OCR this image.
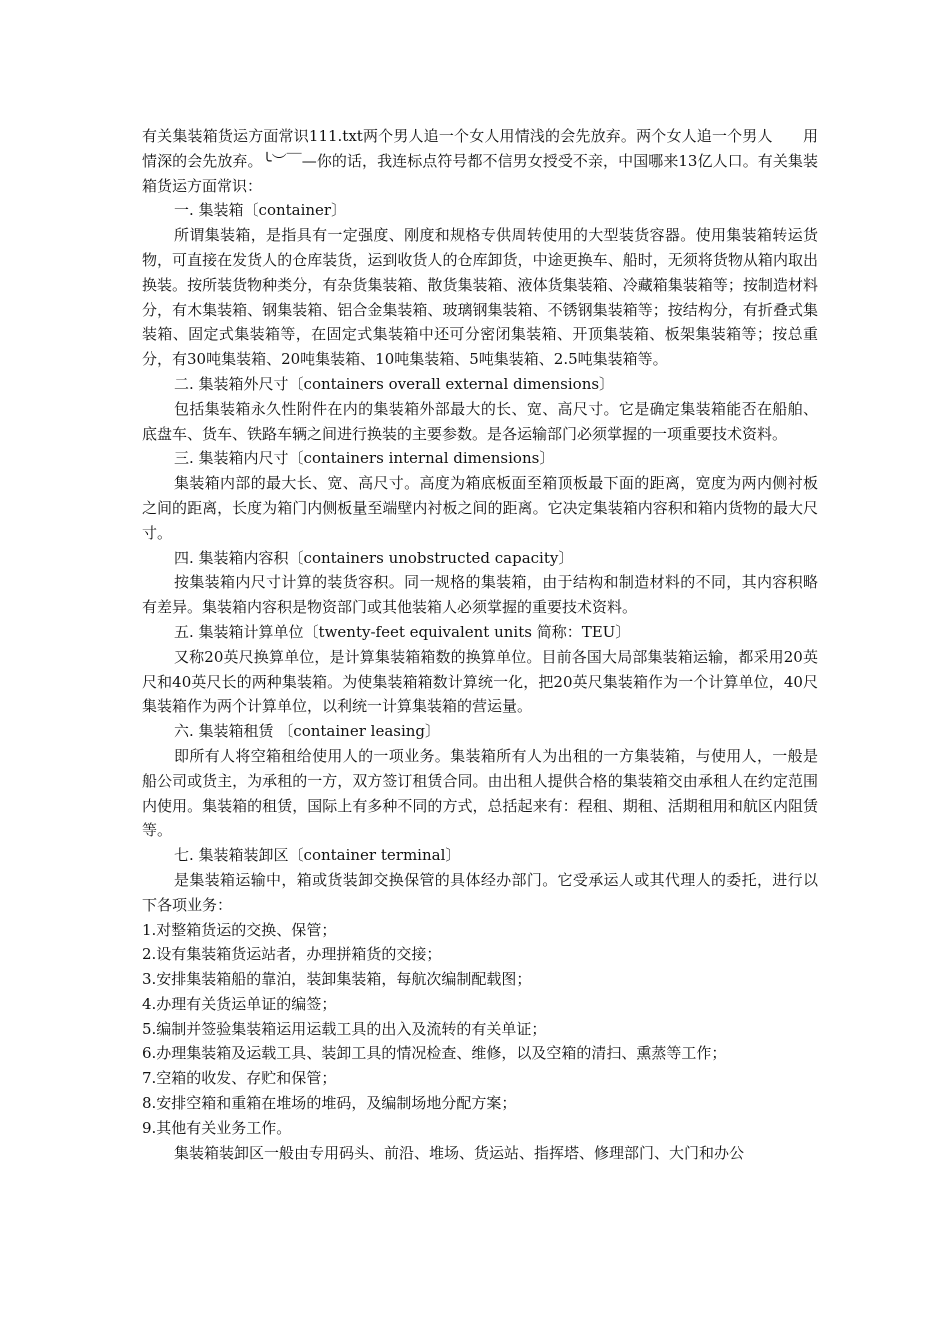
有关集装箱货运方面常识111.txt两个男人追一个女人用情浅的会先放弃。两个女人追一个男人　　用情深的会先放弃。╰︶￣—你的话，我连标点符号都不信男女授受不亲，中国哪来13亿人口。有关集装箱货运方面常识：

一. 集装箱〔container〕

所谓集装箱，是指具有一定强度、刚度和规格专供周转使用的大型装货容器。使用集装箱转运货物，可直接在发货人的仓库装货，运到收货人的仓库卸货，中途更换车、船时，无须将货物从箱内取出换装。按所装货物种类分，有杂货集装箱、散货集装箱、液体货集装箱、冷藏箱集装箱等；按制造材料分，有木集装箱、钢集装箱、铝合金集装箱、玻璃钢集装箱、不锈钢集装箱等；按结构分，有折叠式集装箱、固定式集装箱等，在固定式集装箱中还可分密闭集装箱、开顶集装箱、板架集装箱等；按总重分，有30吨集装箱、20吨集装箱、10吨集装箱、5吨集装箱、2.5吨集装箱等。

二. 集装箱外尺寸〔containers overall external dimensions〕

包括集装箱永久性附件在内的集装箱外部最大的长、宽、高尺寸。它是确定集装箱能否在船舶、底盘车、货车、铁路车辆之间进行换装的主要参数。是各运输部门必须掌握的一项重要技术资料。

三. 集装箱内尺寸〔containers internal dimensions〕

集装箱内部的最大长、宽、高尺寸。高度为箱底板面至箱顶板最下面的距离，宽度为两内侧衬板之间的距离，长度为箱门内侧板量至端壁内衬板之间的距离。它决定集装箱内容积和箱内货物的最大尺寸。

四. 集装箱内容积〔containers unobstructed capacity〕

按集装箱内尺寸计算的装货容积。同一规格的集装箱，由于结构和制造材料的不同，其内容积略有差异。集装箱内容积是物资部门或其他装箱人必须掌握的重要技术资料。

五. 集装箱计算单位〔twenty-feet equivalent units 简称：TEU〕

又称20英尺换算单位，是计算集装箱箱数的换算单位。目前各国大局部集装箱运输，都采用20英尺和40英尺长的两种集装箱。为使集装箱箱数计算统一化，把20英尺集装箱作为一个计算单位，40尺集装箱作为两个计算单位，以利统一计算集装箱的营运量。

六. 集装箱租赁 〔container leasing〕

即所有人将空箱租给使用人的一项业务。集装箱所有人为出租的一方集装箱，与使用人，一般是船公司或货主，为承租的一方，双方签订租赁合同。由出租人提供合格的集装箱交由承租人在约定范围内使用。集装箱的租赁，国际上有多种不同的方式，总括起来有：程租、期租、活期租用和航区内阻赁等。

七. 集装箱装卸区〔container terminal〕

是集装箱运输中，箱或货装卸交换保管的具体经办部门。它受承运人或其代理人的委托，进行以下各项业务：

1.对整箱货运的交换、保管；

2.设有集装箱货运站者，办理拼箱货的交接；

3.安排集装箱船的靠泊，装卸集装箱，每航次编制配载图；

4.办理有关货运单证的编签；

5.编制并签验集装箱运用运载工具的出入及流转的有关单证；

6.办理集装箱及运载工具、装卸工具的情况检查、维修，以及空箱的清扫、熏蒸等工作；

7.空箱的收发、存贮和保管；

8.安排空箱和重箱在堆场的堆码，及编制场地分配方案；

9.其他有关业务工作。

集装箱装卸区一般由专用码头、前沿、堆场、货运站、指挥塔、修理部门、大门和办公
